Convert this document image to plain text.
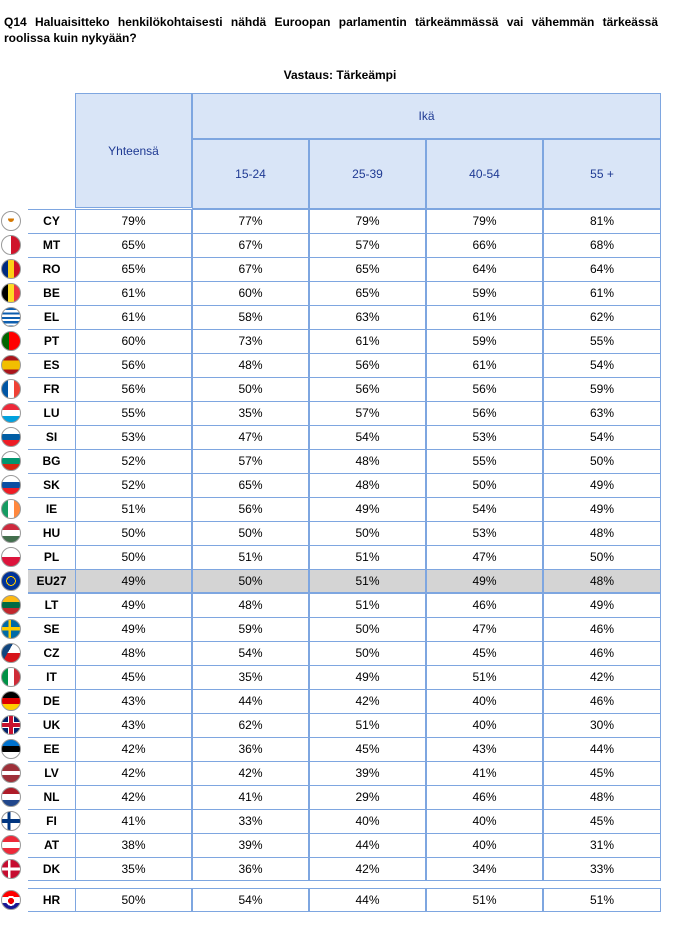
Q14 Haluaisitteko henkilökohtaisesti nähdä Euroopan parlamentin tärkeämmässä vai vähemmän tärkeässä roolissa kuin nykyään?
Vastaus: Tärkeämpi
Yhteensä
Ikä
15-24	25-39	40-54	55 +
CY	79%	77%	79%	79%	81%
MT	65%	67%	57%	66%	68%
RO	65%	67%	65%	64%	64%
BE	61%	60%	65%	59%	61%
EL	61%	58%	63%	61%	62%
PT	60%	73%	61%	59%	55%
ES	56%	48%	56%	61%	54%
FR	56%	50%	56%	56%	59%
LU	55%	35%	57%	56%	63%
SI	53%	47%	54%	53%	54%
BG	52%	57%	48%	55%	50%
SK	52%	65%	48%	50%	49%
IE	51%	56%	49%	54%	49%
HU	50%	50%	50%	53%	48%
PL	50%	51%	51%	47%	50%
EU27	49%	50%	51%	49%	48%
LT	49%	48%	51%	46%	49%
SE	49%	59%	50%	47%	46%
CZ	48%	54%	50%	45%	46%
IT	45%	35%	49%	51%	42%
DE	43%	44%	42%	40%	46%
UK	43%	62%	51%	40%	30%
EE	42%	36%	45%	43%	44%
LV	42%	42%	39%	41%	45%
NL	42%	41%	29%	46%	48%
FI	41%	33%	40%	40%	45%
AT	38%	39%	44%	40%	31%
DK	35%	36%	42%	34%	33%
HR	50%	54%	44%	51%	51%
